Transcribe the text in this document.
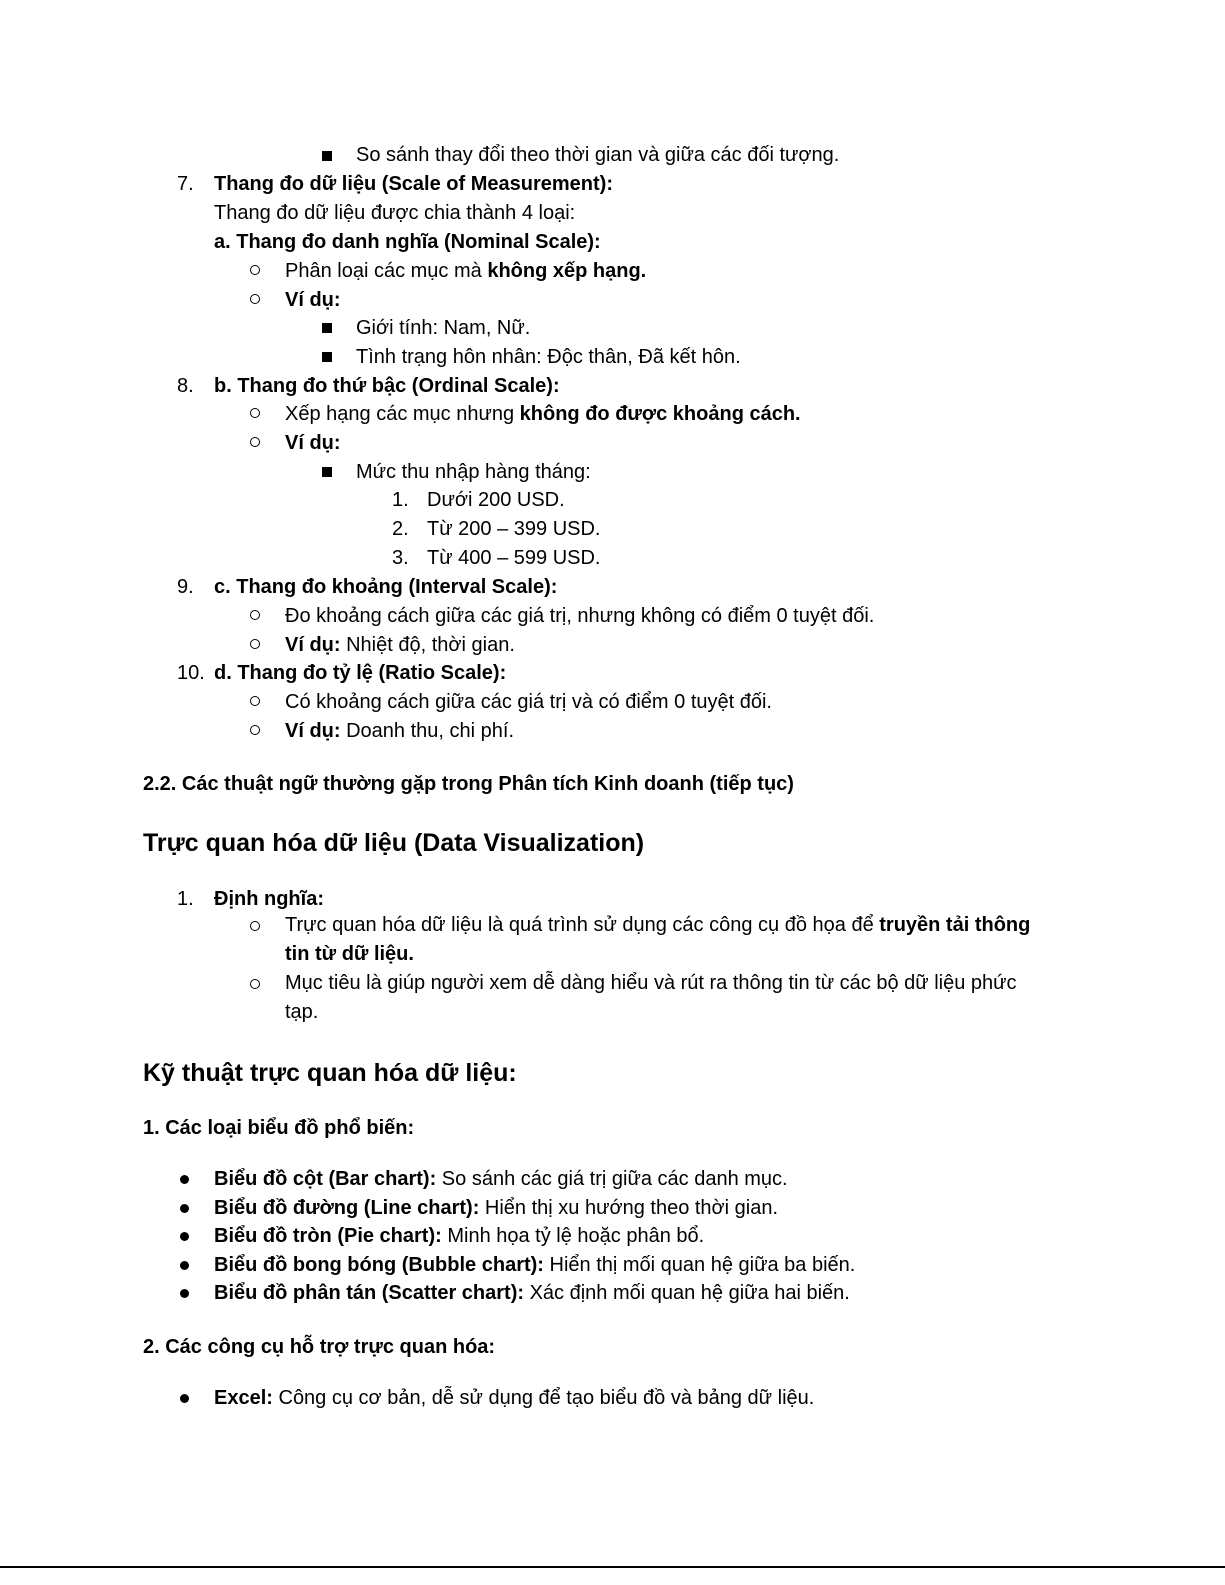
So sánh thay đổi theo thời gian và giữa các đối tượng.
7. Thang đo dữ liệu (Scale of Measurement):
Thang đo dữ liệu được chia thành 4 loại:
a. Thang đo danh nghĩa (Nominal Scale):
Phân loại các mục mà không xếp hạng.
Ví dụ:
Giới tính: Nam, Nữ.
Tình trạng hôn nhân: Độc thân, Đã kết hôn.
8. b. Thang đo thứ bậc (Ordinal Scale):
Xếp hạng các mục nhưng không đo được khoảng cách.
Ví dụ:
Mức thu nhập hàng tháng:
1. Dưới 200 USD.
2. Từ 200 – 399 USD.
3. Từ 400 – 599 USD.
9. c. Thang đo khoảng (Interval Scale):
Đo khoảng cách giữa các giá trị, nhưng không có điểm 0 tuyệt đối.
Ví dụ: Nhiệt độ, thời gian.
10. d. Thang đo tỷ lệ (Ratio Scale):
Có khoảng cách giữa các giá trị và có điểm 0 tuyệt đối.
Ví dụ: Doanh thu, chi phí.
2.2. Các thuật ngữ thường gặp trong Phân tích Kinh doanh (tiếp tục)
Trực quan hóa dữ liệu (Data Visualization)
1. Định nghĩa:
Trực quan hóa dữ liệu là quá trình sử dụng các công cụ đồ họa để truyền tải thông tin từ dữ liệu.
Mục tiêu là giúp người xem dễ dàng hiểu và rút ra thông tin từ các bộ dữ liệu phức tạp.
Kỹ thuật trực quan hóa dữ liệu:
1. Các loại biểu đồ phổ biến:
Biểu đồ cột (Bar chart): So sánh các giá trị giữa các danh mục.
Biểu đồ đường (Line chart): Hiển thị xu hướng theo thời gian.
Biểu đồ tròn (Pie chart): Minh họa tỷ lệ hoặc phân bổ.
Biểu đồ bong bóng (Bubble chart): Hiển thị mối quan hệ giữa ba biến.
Biểu đồ phân tán (Scatter chart): Xác định mối quan hệ giữa hai biến.
2. Các công cụ hỗ trợ trực quan hóa:
Excel: Công cụ cơ bản, dễ sử dụng để tạo biểu đồ và bảng dữ liệu.
